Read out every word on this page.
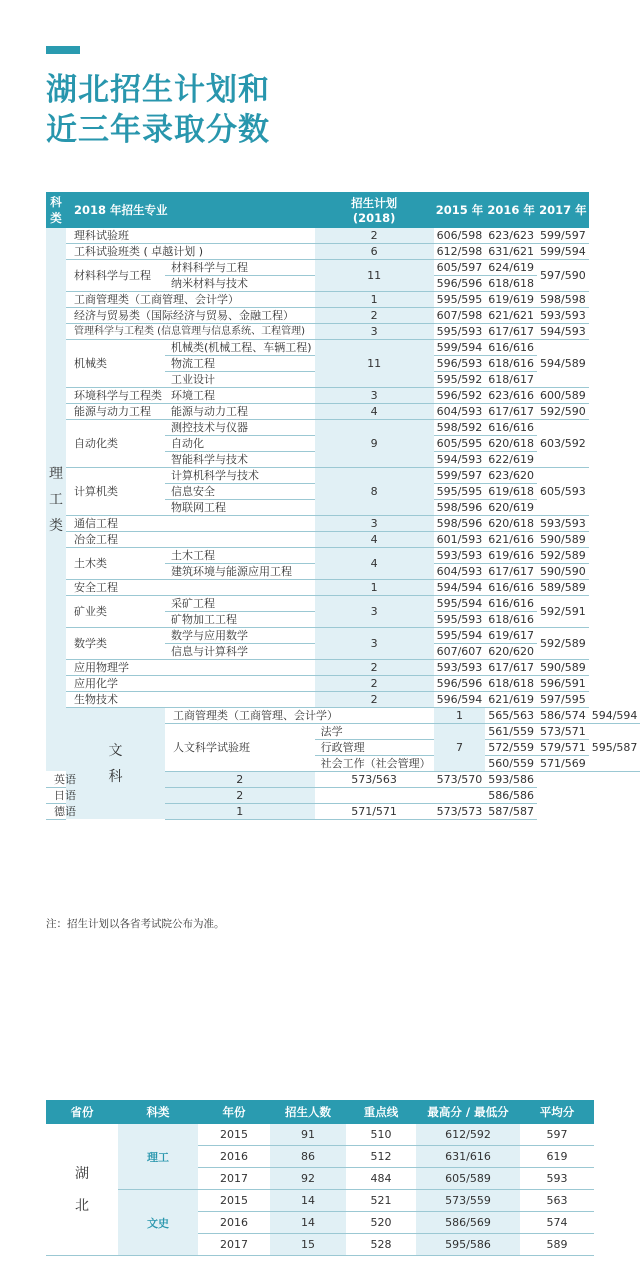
湖北招生计划和
近三年录取分数
科类	2018 年招生专业		招生计划
(2018)	2015 年	2016 年	2017 年	

理
工
类	理科试验班		2	606/598	623/623	599/597	
	工科试验班类 ( 卓越计划 )		6	612/598	631/621	599/594	
	材料科学与工程	材料科学与工程	11	605/597	624/619	597/590	
		纳米材料与技术		596/596	618/618		
	工商管理类（工商管理、会计学）		1	595/595	619/619	598/598	
	经济与贸易类（国际经济与贸易、金融工程）		2	607/598	621/621	593/593	
	管理科学与工程类 (信息管理与信息系统、工程管理)		3	595/593	617/617	594/593	
	机械类	机械类(机械工程、车辆工程)	11	599/594	616/616	594/589	
		物流工程		596/593	618/616		
		工业设计		595/592	618/617		
	环境科学与工程类	环境工程	3	596/592	623/616	600/589	
	能源与动力工程	能源与动力工程	4	604/593	617/617	592/590	
	自动化类	测控技术与仪器	9	598/592	616/616	603/592	
		自动化		605/595	620/618		
		智能科学与技术		594/593	622/619		
	计算机类	计算机科学与技术	8	599/597	623/620	605/593	
		信息安全		595/595	619/618		
		物联网工程		598/596	620/619		
	通信工程		3	598/596	620/618	593/593	
	冶金工程		4	601/593	621/616	590/589	
	土木类	土木工程	4	593/593	619/616	592/589	
		建筑环境与能源应用工程		604/593	617/617	590/590	
	安全工程		1	594/594	616/616	589/589	
	矿业类	采矿工程	3	595/594	616/616	592/591	
		矿物加工工程		595/593	618/616		
	数学类	数学与应用数学	3	595/594	619/617	592/589	
		信息与计算科学		607/607	620/620		
	应用物理学		2	593/593	617/617	590/589	
	应用化学		2	596/596	618/618	596/591	
	生物技术		2	596/594	621/619	597/595	

	文
科	工商管理类（工商管理、会计学）		1	565/563	586/574	594/594
		人文科学试验班	法学	7	561/559	573/571	595/587
			行政管理		572/559	579/571	
			社会工作（社会管理）		560/559	571/569	
英语		2	573/563	573/570	593/586		
日语		2			586/586		
德语		1	571/571	573/573	587/587		

注：招生计划以各省考试院公布为准。

省份	科类	年份	招生人数	重点线	最高分 / 最低分	平均分

湖
北	理工	2015	91	510	612/592	597
		2016	86	512	631/616	619
		2017	92	484	605/589	593
	文史	2015	14	521	573/559	563
		2016	14	520	586/569	574
		2017	15	528	595/586	589
